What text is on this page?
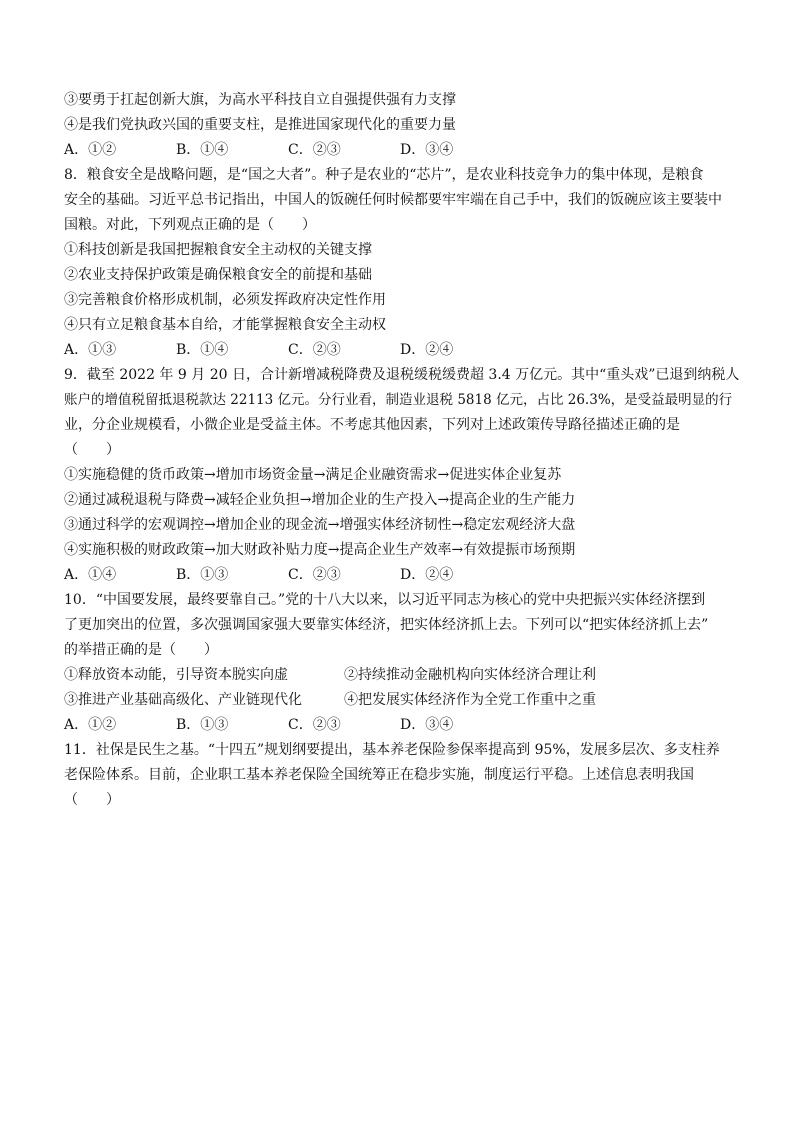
③要勇于扛起创新大旗，为高水平科技自立自强提供强有力支撑
④是我们党执政兴国的重要支柱，是推进国家现代化的重要力量
A．①②	B．①④	C．②③	D．③④
8．粮食安全是战略问题，是“国之大者”。种子是农业的“芯片”，是农业科技竞争力的集中体现，是粮食
安全的基础。习近平总书记指出，中国人的饭碗任何时候都要牢牢端在自己手中，我们的饭碗应该主要装中
国粮。对此，下列观点正确的是（　　）
①科技创新是我国把握粮食安全主动权的关键支撑
②农业支持保护政策是确保粮食安全的前提和基础
③完善粮食价格形成机制，必须发挥政府决定性作用
④只有立足粮食基本自给，才能掌握粮食安全主动权
A．①③	B．①④	C．②③	D．②④
9．截至 2022 年 9 月 20 日，合计新增减税降费及退税缓税缓费超 3.4 万亿元。其中“重头戏”已退到纳税人
账户的增值税留抵退税款达 22113 亿元。分行业看，制造业退税 5818 亿元，占比 26.3%，是受益最明显的行
业，分企业规模看，小微企业是受益主体。不考虑其他因素，下列对上述政策传导路径描述正确的是
（　　）
①实施稳健的货币政策→增加市场资金量→满足企业融资需求→促进实体企业复苏
②通过减税退税与降费→减轻企业负担→增加企业的生产投入→提高企业的生产能力
③通过科学的宏观调控→增加企业的现金流→增强实体经济韧性→稳定宏观经济大盘
④实施积极的财政政策→加大财政补贴力度→提高企业生产效率→有效提振市场预期
A．①④	B．①③	C．②③	D．②④
10．“中国要发展，最终要靠自己。”党的十八大以来，以习近平同志为核心的党中央把振兴实体经济摆到
了更加突出的位置，多次强调国家强大要靠实体经济，把实体经济抓上去。下列可以“把实体经济抓上去”
的举措正确的是（　　）
①释放资本动能，引导资本脱实向虚	②持续推动金融机构向实体经济合理让利
③推进产业基础高级化、产业链现代化	④把发展实体经济作为全党工作重中之重
A．①②	B．①③	C．②③	D．③④
11．社保是民生之基。“十四五”规划纲要提出，基本养老保险参保率提高到 95%，发展多层次、多支柱养
老保险体系。目前，企业职工基本养老保险全国统筹正在稳步实施，制度运行平稳。上述信息表明我国
（　　）
